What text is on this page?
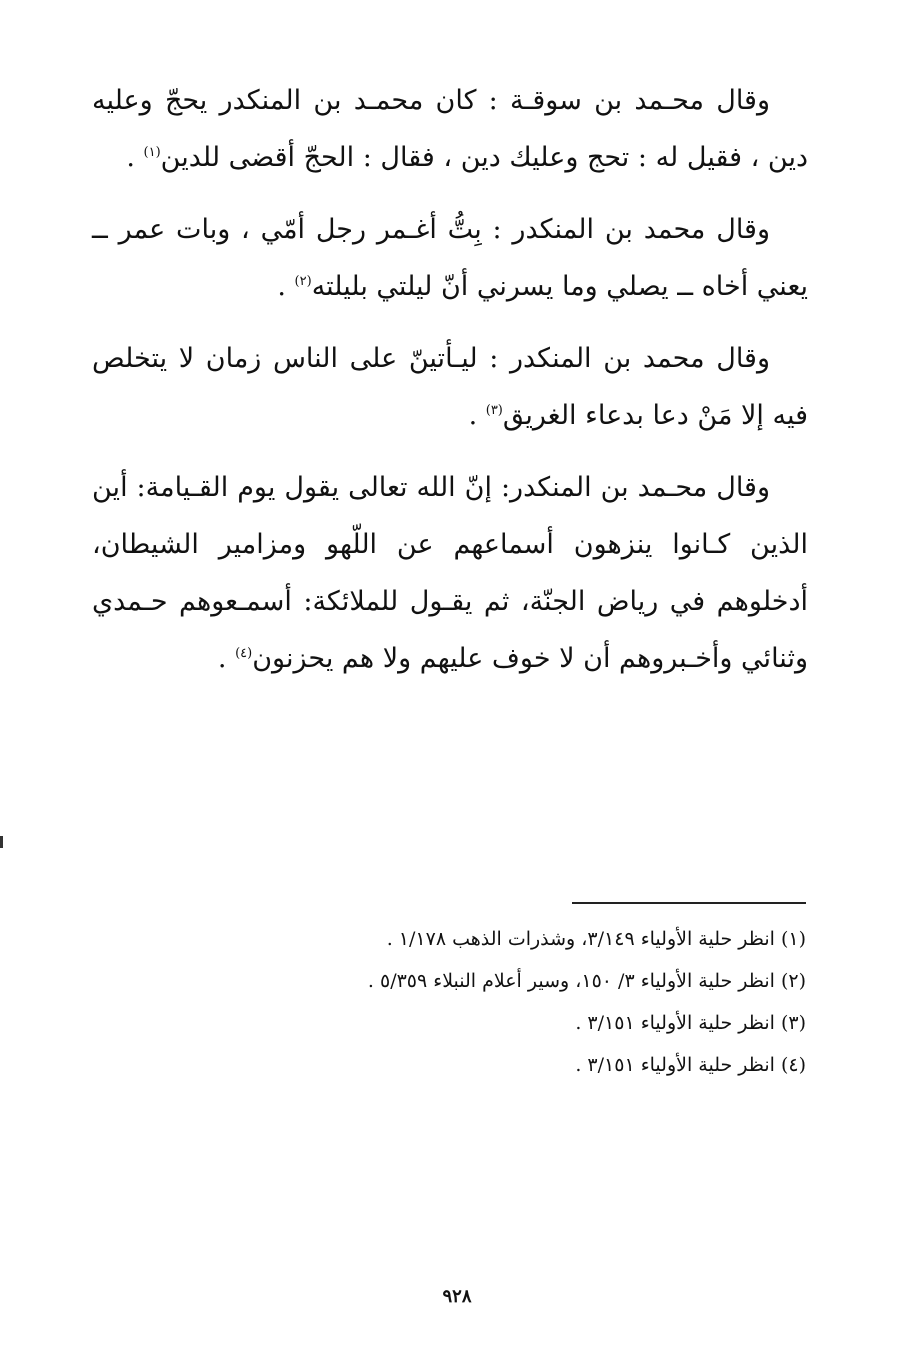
وقال محـمد بن سوقـة : كان محمـد بن المنكدر يحجّ وعليه دين ، فقيل له : تحج وعليك دين ، فقال : الحجّ أقضى للدين$^{(١)}$ .

وقال محمد بن المنكدر : بِتُّ أغـمر رجل أمّي ، وبات عمر ــ يعني أخاه ــ يصلي وما يسرني أنّ ليلتي بليلته$^{(٢)}$ .

وقال محمد بن المنكدر : ليـأتينّ على الناس زمان لا يتخلص فيه إلا مَنْ دعا بدعاء الغريق$^{(٣)}$ .

وقال محـمد بن المنكدر: إنّ الله تعالى يقول يوم القـيامة: أين الذين كـانوا ينزهون أسماعهم عن اللّهو ومزامير الشيطان، أدخلوهم في رياض الجنّة، ثم يقـول للملائكة: أسمـعوهم حـمدي وثنائي وأخـبروهم أن لا خوف عليهم ولا هم يحزنون$^{(٤)}$ .

(١) انظر حلية الأولياء ٣/١٤٩، وشذرات الذهب ١/١٧٨ .

(٢) انظر حلية الأولياء ٣/ ١٥٠، وسير أعلام النبلاء ٥/٣٥٩ .

(٣) انظر حلية الأولياء ٣/١٥١ .

(٤) انظر حلية الأولياء ٣/١٥١ .

٩٢٨
